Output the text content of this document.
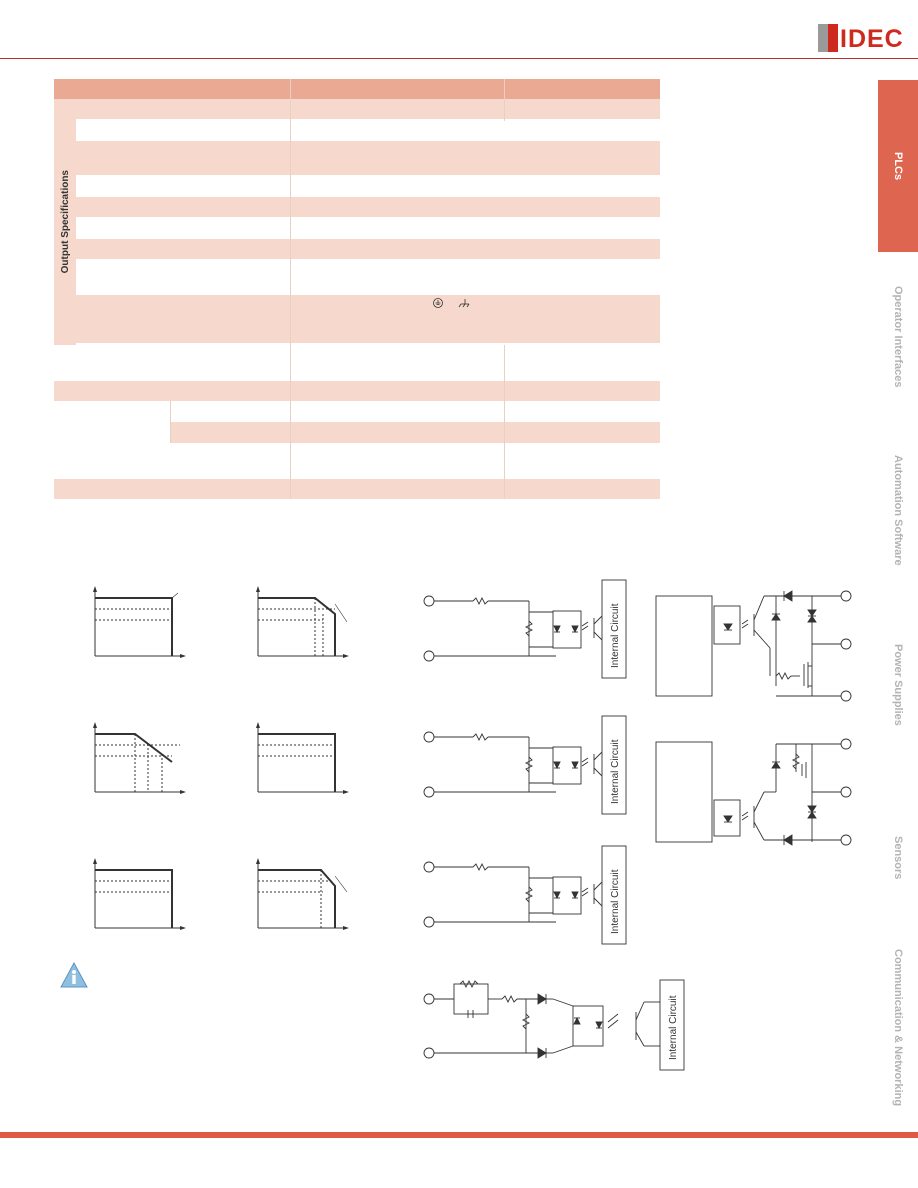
IDEC
PLCs
Operator Interfaces
Automation Software
Power Supplies
Sensors
Communication & Networking
Output Specifications
Internal Circuit
Internal Circuit
Internal Circuit
Internal Circuit
